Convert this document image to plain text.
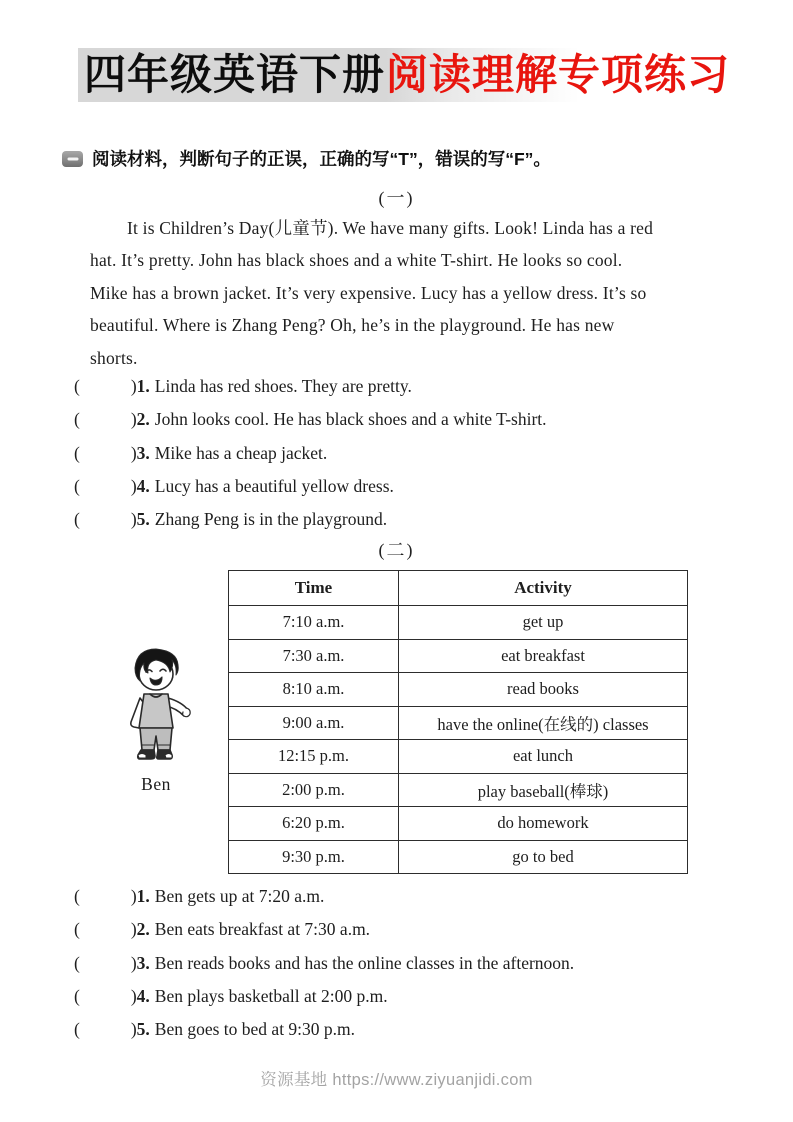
四年级英语下册阅读理解专项练习
阅读材料，判断句子的正误，正确的写“T”，错误的写“F”。
(一)
It is Children’s Day(儿童节). We have many gifts. Look! Linda has a red
hat. It’s pretty. John has black shoes and a white T-shirt. He looks so cool.
Mike has a brown jacket. It’s very expensive. Lucy has a yellow dress. It’s so
beautiful. Where is Zhang Peng? Oh, he’s in the playground. He has new
shorts.
(	)1. Linda has red shoes. They are pretty.
(	)2. John looks cool. He has black shoes and a white T-shirt.
(	)3. Mike has a cheap jacket.
(	)4. Lucy has a beautiful yellow dress.
(	)5. Zhang Peng is in the playground.
(二)
Ben
Time	Activity
7:10 a.m.	get up
7:30 a.m.	eat breakfast
8:10 a.m.	read books
9:00 a.m.	have the online(在线的) classes
12:15 p.m.	eat lunch
2:00 p.m.	play baseball(棒球)
6:20 p.m.	do homework
9:30 p.m.	go to bed
(	)1. Ben gets up at 7:20 a.m.
(	)2. Ben eats breakfast at 7:30 a.m.
(	)3. Ben reads books and has the online classes in the afternoon.
(	)4. Ben plays basketball at 2:00 p.m.
(	)5. Ben goes to bed at 9:30 p.m.
资源基地 https://www.ziyuanjidi.com
